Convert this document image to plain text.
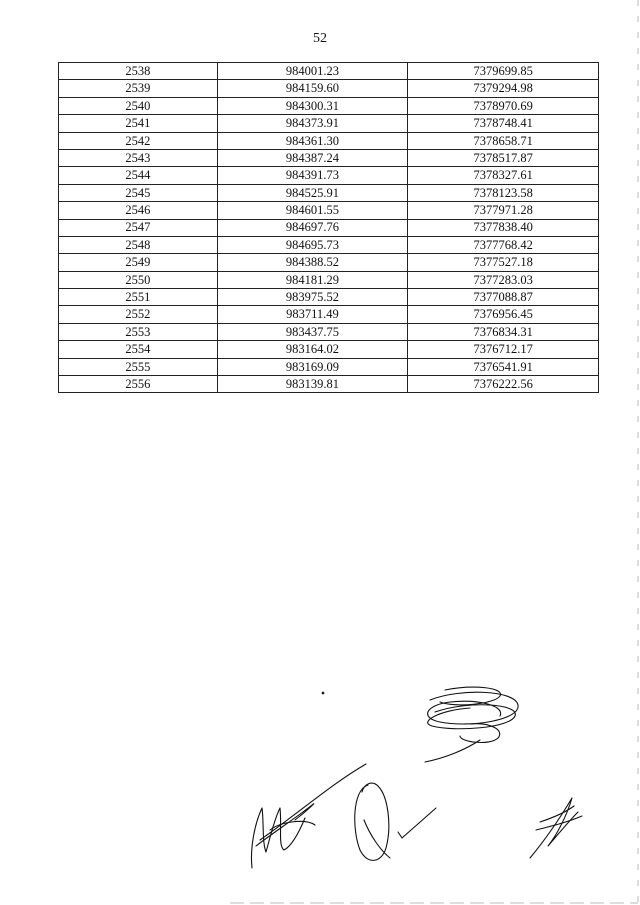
52
2538	984001.23	7379699.85
2539	984159.60	7379294.98
2540	984300.31	7378970.69
2541	984373.91	7378748.41
2542	984361.30	7378658.71
2543	984387.24	7378517.87
2544	984391.73	7378327.61
2545	984525.91	7378123.58
2546	984601.55	7377971.28
2547	984697.76	7377838.40
2548	984695.73	7377768.42
2549	984388.52	7377527.18
2550	984181.29	7377283.03
2551	983975.52	7377088.87
2552	983711.49	7376956.45
2553	983437.75	7376834.31
2554	983164.02	7376712.17
2555	983169.09	7376541.91
2556	983139.81	7376222.56
